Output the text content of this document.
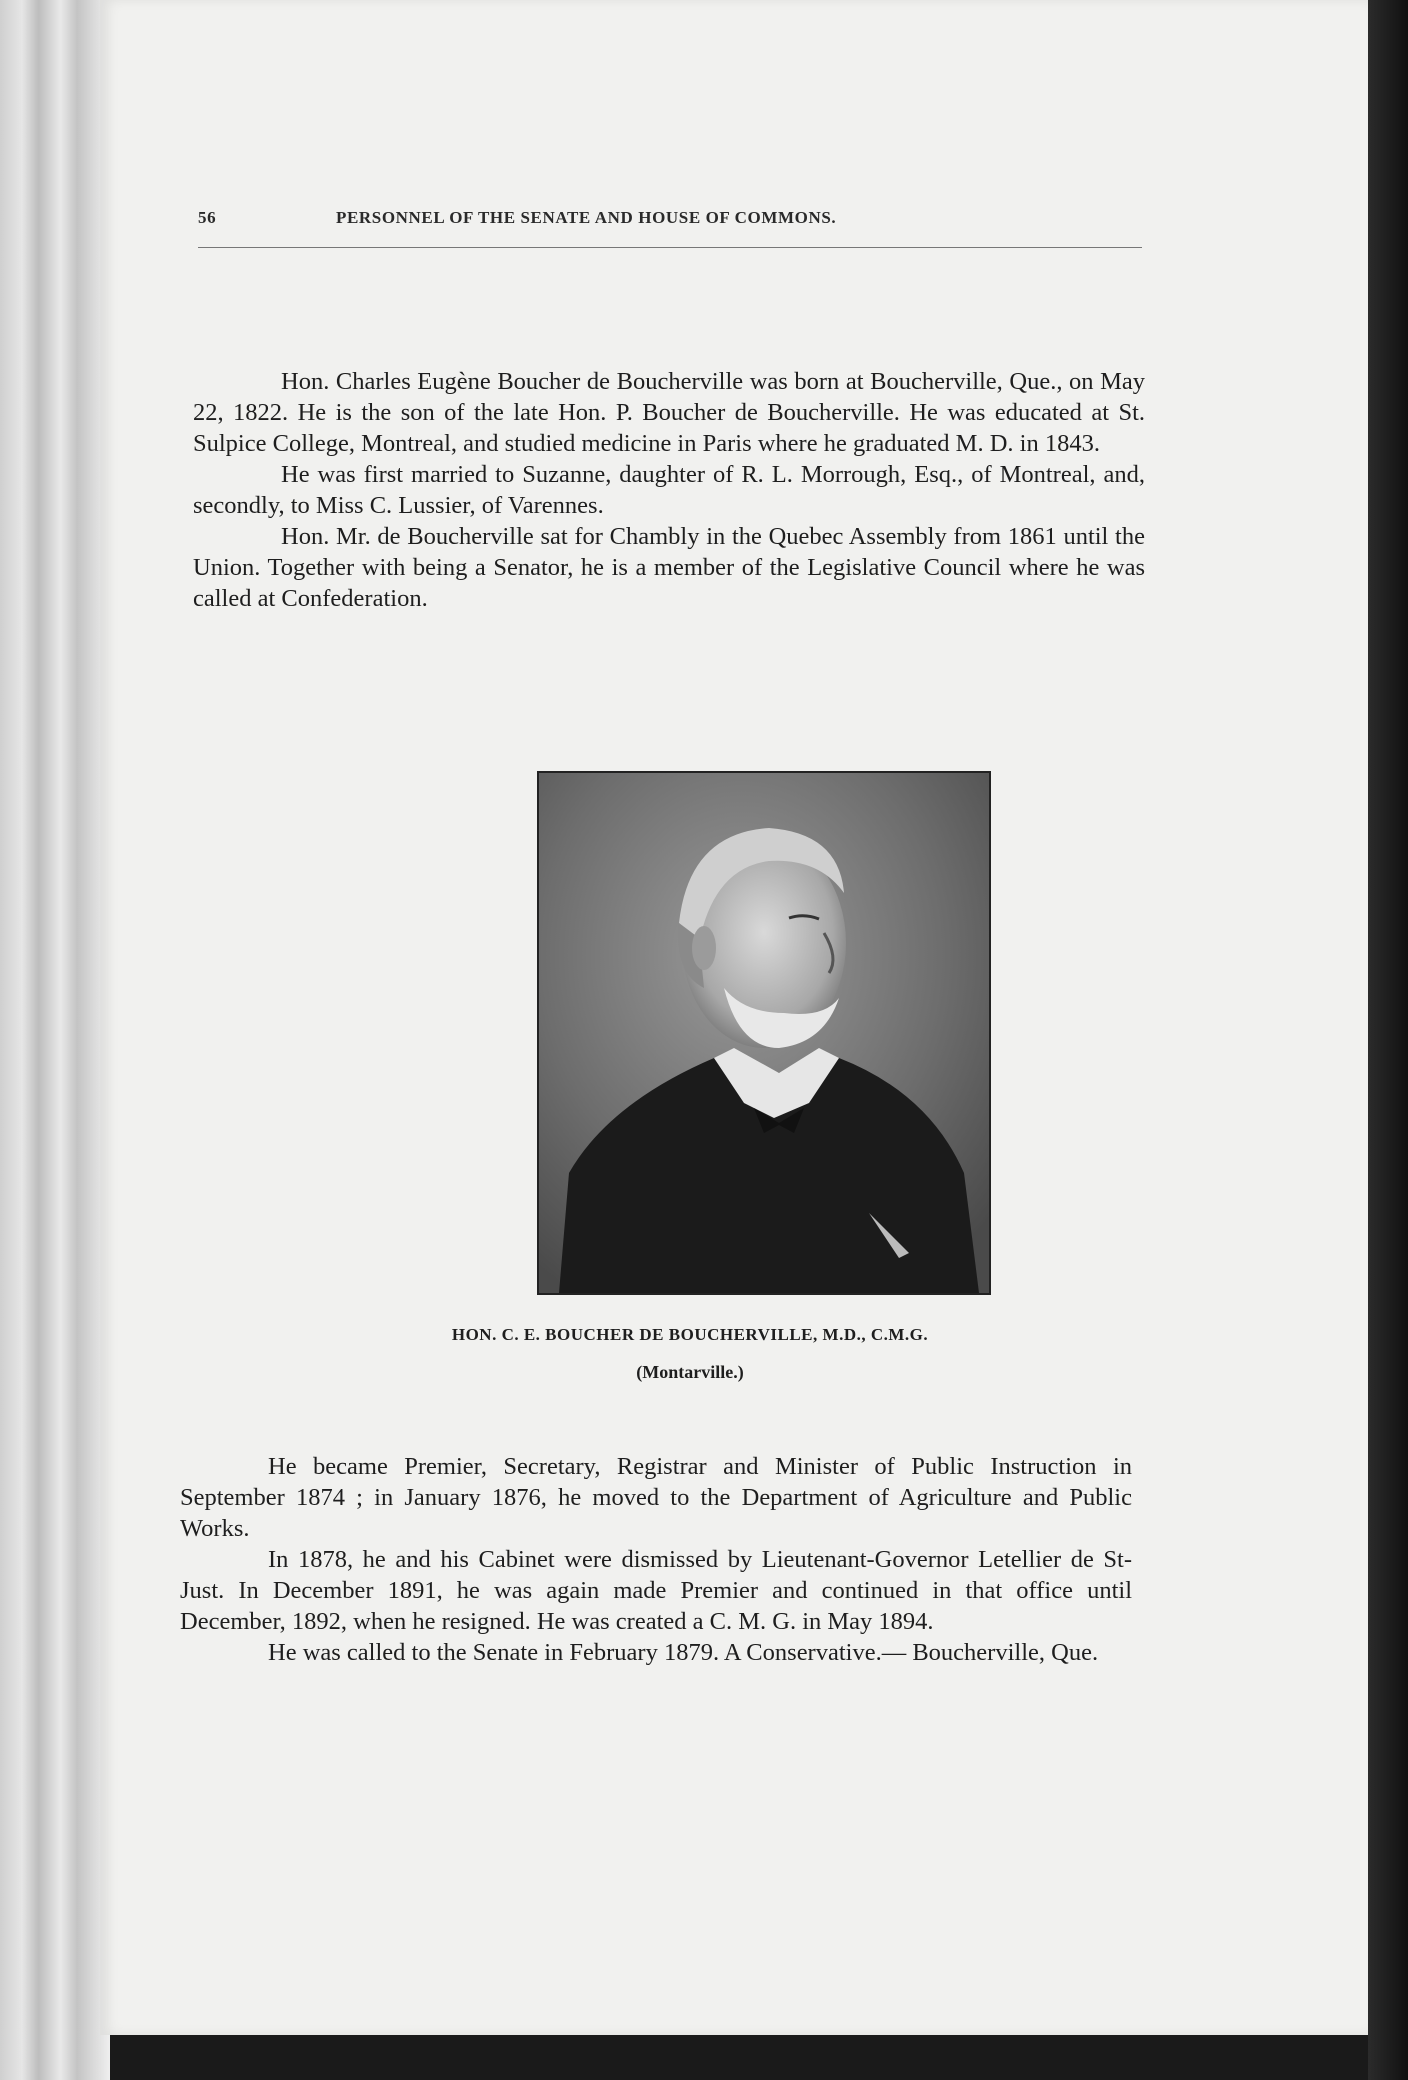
56	PERSONNEL OF THE SENATE AND HOUSE OF COMMONS.

Hon. Charles Eugène Boucher de Boucherville was born at Boucherville, Que., on May 22, 1822. He is the son of the late Hon. P. Boucher de Boucherville. He was educated at St. Sulpice College, Montreal, and studied medicine in Paris where he graduated M. D. in 1843.

He was first married to Suzanne, daughter of R. L. Morrough, Esq., of Montreal, and, secondly, to Miss C. Lussier, of Varennes.

Hon. Mr. de Boucherville sat for Chambly in the Quebec Assembly from 1861 until the Union. Together with being a Senator, he is a member of the Legislative Council where he was called at Confederation.

HON. C. E. BOUCHER DE BOUCHERVILLE, M.D., C.M.G.
(Montarville.)

He became Premier, Secretary, Registrar and Minister of Public Instruction in September 1874 ; in January 1876, he moved to the Department of Agriculture and Public Works.

In 1878, he and his Cabinet were dismissed by Lieutenant-Governor Letellier de St-Just. In December 1891, he was again made Premier and continued in that office until December, 1892, when he resigned. He was created a C. M. G. in May 1894.

He was called to the Senate in February 1879. A Conservative.— Boucherville, Que.
